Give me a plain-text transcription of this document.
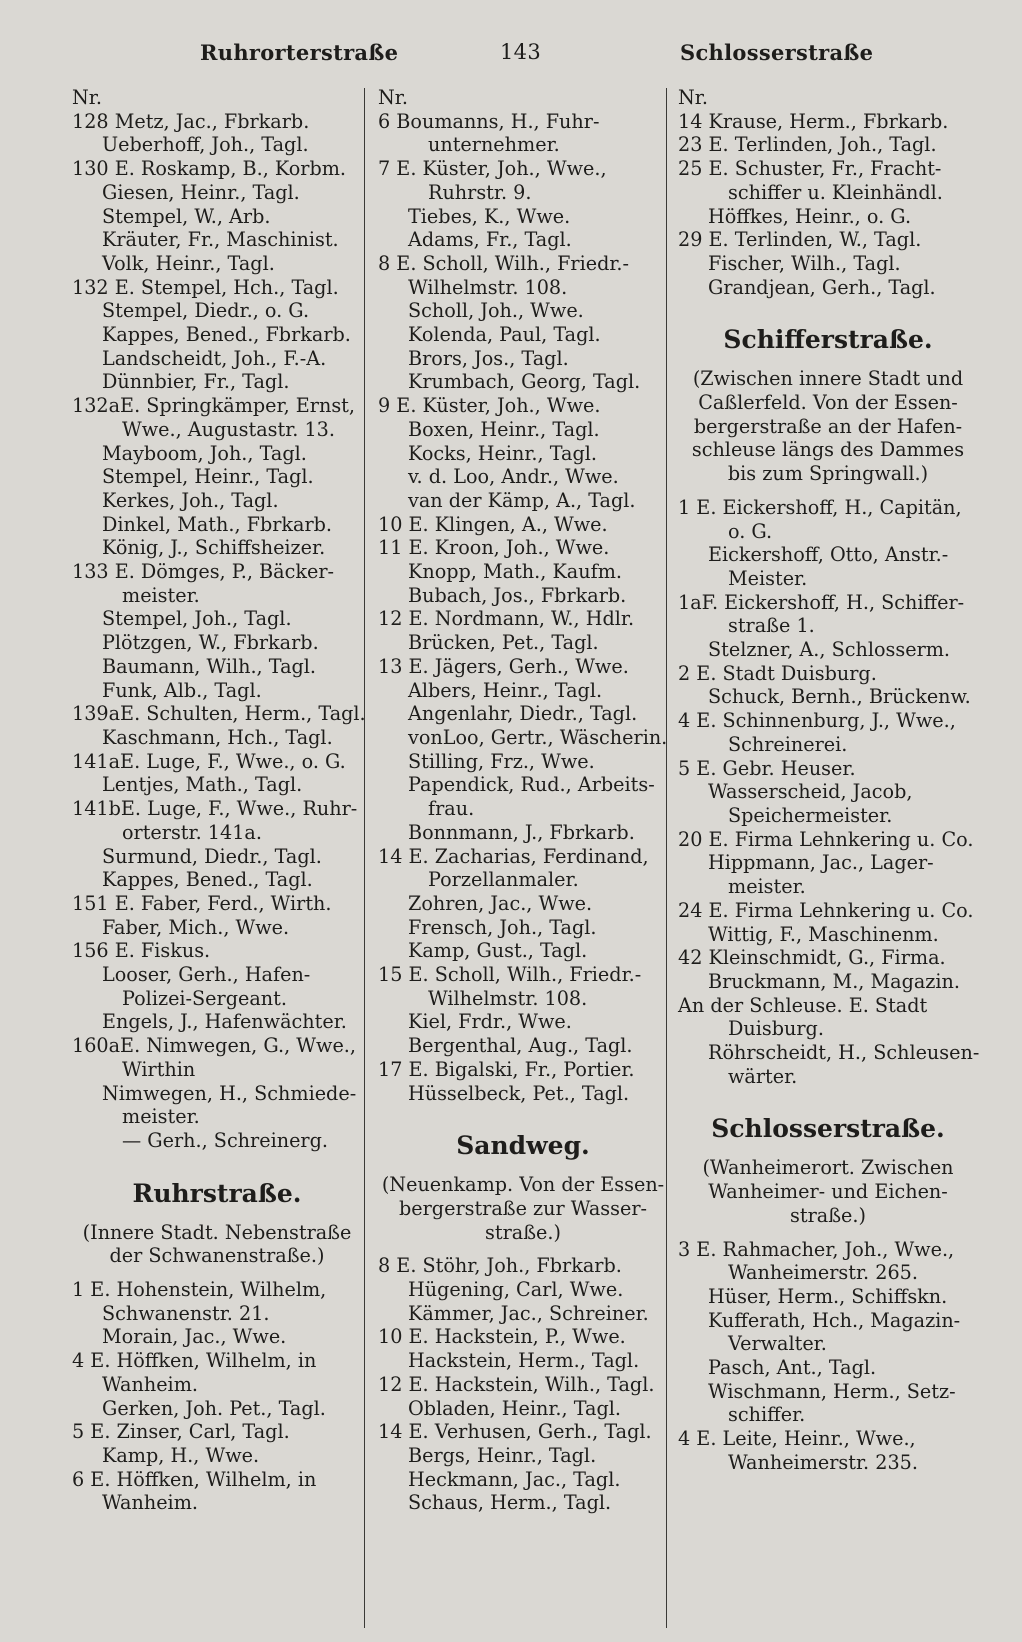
Ruhrorterstraße	143	Schlosserstraße
Nr.
128 Metz, Jac., Fbrkarb.
Ueberhoff, Joh., Tagl.
130 E. Roskamp, B., Korbm.
Giesen, Heinr., Tagl.
Stempel, W., Arb.
Kräuter, Fr., Maschinist.
Volk, Heinr., Tagl.
132 E. Stempel, Hch., Tagl.
Stempel, Diedr., o. G.
Kappes, Bened., Fbrkarb.
Landscheidt, Joh., F.-A.
Dünnbier, Fr., Tagl.
132aE. Springkämper, Ernst,
Wwe., Augustastr. 13.
Mayboom, Joh., Tagl.
Stempel, Heinr., Tagl.
Kerkes, Joh., Tagl.
Dinkel, Math., Fbrkarb.
König, J., Schiffsheizer.
133 E. Dömges, P., Bäcker-
meister.
Stempel, Joh., Tagl.
Plötzgen, W., Fbrkarb.
Baumann, Wilh., Tagl.
Funk, Alb., Tagl.
139aE. Schulten, Herm., Tagl.
Kaschmann, Hch., Tagl.
141aE. Luge, F., Wwe., o. G.
Lentjes, Math., Tagl.
141bE. Luge, F., Wwe., Ruhr-
orterstr. 141a.
Surmund, Diedr., Tagl.
Kappes, Bened., Tagl.
151 E. Faber, Ferd., Wirth.
Faber, Mich., Wwe.
156 E. Fiskus.
Looser, Gerh., Hafen-
Polizei-Sergeant.
Engels, J., Hafenwächter.
160aE. Nimwegen, G., Wwe.,
Wirthin
Nimwegen, H., Schmiede-
meister.
— Gerh., Schreinerg.
Ruhrstraße.
(Innere Stadt. Nebenstraße
der Schwanenstraße.)
1 E. Hohenstein, Wilhelm,
Schwanenstr. 21.
Morain, Jac., Wwe.
4 E. Höffken, Wilhelm, in
Wanheim.
Gerken, Joh. Pet., Tagl.
5 E. Zinser, Carl, Tagl.
Kamp, H., Wwe.
6 E. Höffken, Wilhelm, in
Wanheim.
Nr.
6 Boumanns, H., Fuhr-
unternehmer.
7 E. Küster, Joh., Wwe.,
Ruhrstr. 9.
Tiebes, K., Wwe.
Adams, Fr., Tagl.
8 E. Scholl, Wilh., Friedr.-
Wilhelmstr. 108.
Scholl, Joh., Wwe.
Kolenda, Paul, Tagl.
Brors, Jos., Tagl.
Krumbach, Georg, Tagl.
9 E. Küster, Joh., Wwe.
Boxen, Heinr., Tagl.
Kocks, Heinr., Tagl.
v. d. Loo, Andr., Wwe.
van der Kämp, A., Tagl.
10 E. Klingen, A., Wwe.
11 E. Kroon, Joh., Wwe.
Knopp, Math., Kaufm.
Bubach, Jos., Fbrkarb.
12 E. Nordmann, W., Hdlr.
Brücken, Pet., Tagl.
13 E. Jägers, Gerh., Wwe.
Albers, Heinr., Tagl.
Angenlahr, Diedr., Tagl.
vonLoo, Gertr., Wäscherin.
Stilling, Frz., Wwe.
Papendick, Rud., Arbeits-
frau.
Bonnmann, J., Fbrkarb.
14 E. Zacharias, Ferdinand,
Porzellanmaler.
Zohren, Jac., Wwe.
Frensch, Joh., Tagl.
Kamp, Gust., Tagl.
15 E. Scholl, Wilh., Friedr.-
Wilhelmstr. 108.
Kiel, Frdr., Wwe.
Bergenthal, Aug., Tagl.
17 E. Bigalski, Fr., Portier.
Hüsselbeck, Pet., Tagl.
Sandweg.
(Neuenkamp. Von der Essen-
bergerstraße zur Wasser-
straße.)
8 E. Stöhr, Joh., Fbrkarb.
Hügening, Carl, Wwe.
Kämmer, Jac., Schreiner.
10 E. Hackstein, P., Wwe.
Hackstein, Herm., Tagl.
12 E. Hackstein, Wilh., Tagl.
Obladen, Heinr., Tagl.
14 E. Verhusen, Gerh., Tagl.
Bergs, Heinr., Tagl.
Heckmann, Jac., Tagl.
Schaus, Herm., Tagl.
Nr.
14 Krause, Herm., Fbrkarb.
23 E. Terlinden, Joh., Tagl.
25 E. Schuster, Fr., Fracht-
schiffer u. Kleinhändl.
Höffkes, Heinr., o. G.
29 E. Terlinden, W., Tagl.
Fischer, Wilh., Tagl.
Grandjean, Gerh., Tagl.
Schifferstraße.
(Zwischen innere Stadt und
Caßlerfeld. Von der Essen-
bergerstraße an der Hafen-
schleuse längs des Dammes
bis zum Springwall.)
1 E. Eickershoff, H., Capitän,
o. G.
Eickershoff, Otto, Anstr.-
Meister.
1aF. Eickershoff, H., Schiffer-
straße 1.
Stelzner, A., Schlosserm.
2 E. Stadt Duisburg.
Schuck, Bernh., Brückenw.
4 E. Schinnenburg, J., Wwe.,
Schreinerei.
5 E. Gebr. Heuser.
Wasserscheid, Jacob,
Speichermeister.
20 E. Firma Lehnkering u. Co.
Hippmann, Jac., Lager-
meister.
24 E. Firma Lehnkering u. Co.
Wittig, F., Maschinenm.
42 Kleinschmidt, G., Firma.
Bruckmann, M., Magazin.
An der Schleuse. E. Stadt
Duisburg.
Röhrscheidt, H., Schleusen-
wärter.
Schlosserstraße.
(Wanheimerort. Zwischen
Wanheimer- und Eichen-
straße.)
3 E. Rahmacher, Joh., Wwe.,
Wanheimerstr. 265.
Hüser, Herm., Schiffskn.
Kufferath, Hch., Magazin-
Verwalter.
Pasch, Ant., Tagl.
Wischmann, Herm., Setz-
schiffer.
4 E. Leite, Heinr., Wwe.,
Wanheimerstr. 235.
